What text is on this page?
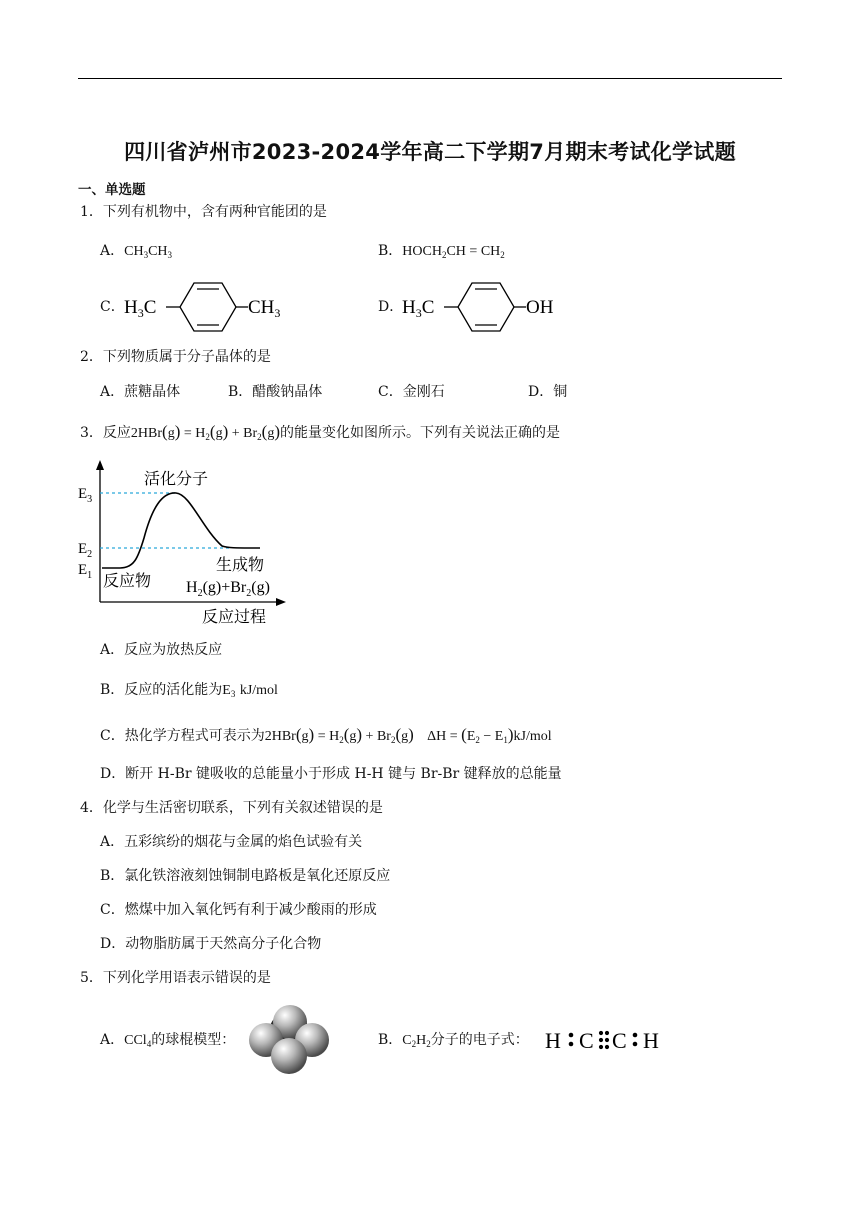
四川省泸州市2023-2024学年高二下学期7月期末考试化学试题
一、单选题
1．下列有机物中，含有两种官能团的是
A．$CH_3CH_3$	B．$HOCH_2CH = CH_2$
C． $H_3C$	$CH_3$	D．
$H_3C$	OH
2．下列物质属于分子晶体的是
A．蔗糖晶体	B．醋酸钠晶体	C．金刚石	D．铜
3．反应$2HBr(g) = H_2(g) + Br_2(g)$的能量变化如图所示。下列有关说法正确的是
活化分子
$E_3$
$E_2$
$E_1$
生成物
$H_2(g)+Br_2(g)$
反应物
反应过程
A．反应为放热反应
B．反应的活化能为$E_3$ kJ/mol
C．热化学方程式可表示为$2HBr(g) = H_2(g) + Br_2(g) \Delta H = (E_2 - E_1)kJ/mol$
D．断开 H-Br 键吸收的总能量小于形成 H-H 键与 Br-Br 键释放的总能量
4．化学与生活密切联系，下列有关叙述错误的是
A．五彩缤纷的烟花与金属的焰色试验有关
B．氯化铁溶液刻蚀铜制电路板是氧化还原反应
C．燃煤中加入氧化钙有利于减少酸雨的形成
D．动物脂肪属于天然高分子化合物
5．下列化学用语表示错误的是
A．CCl$_4$的球棍模型：	B．$C_2H_2$分子的电子式： H C C H
